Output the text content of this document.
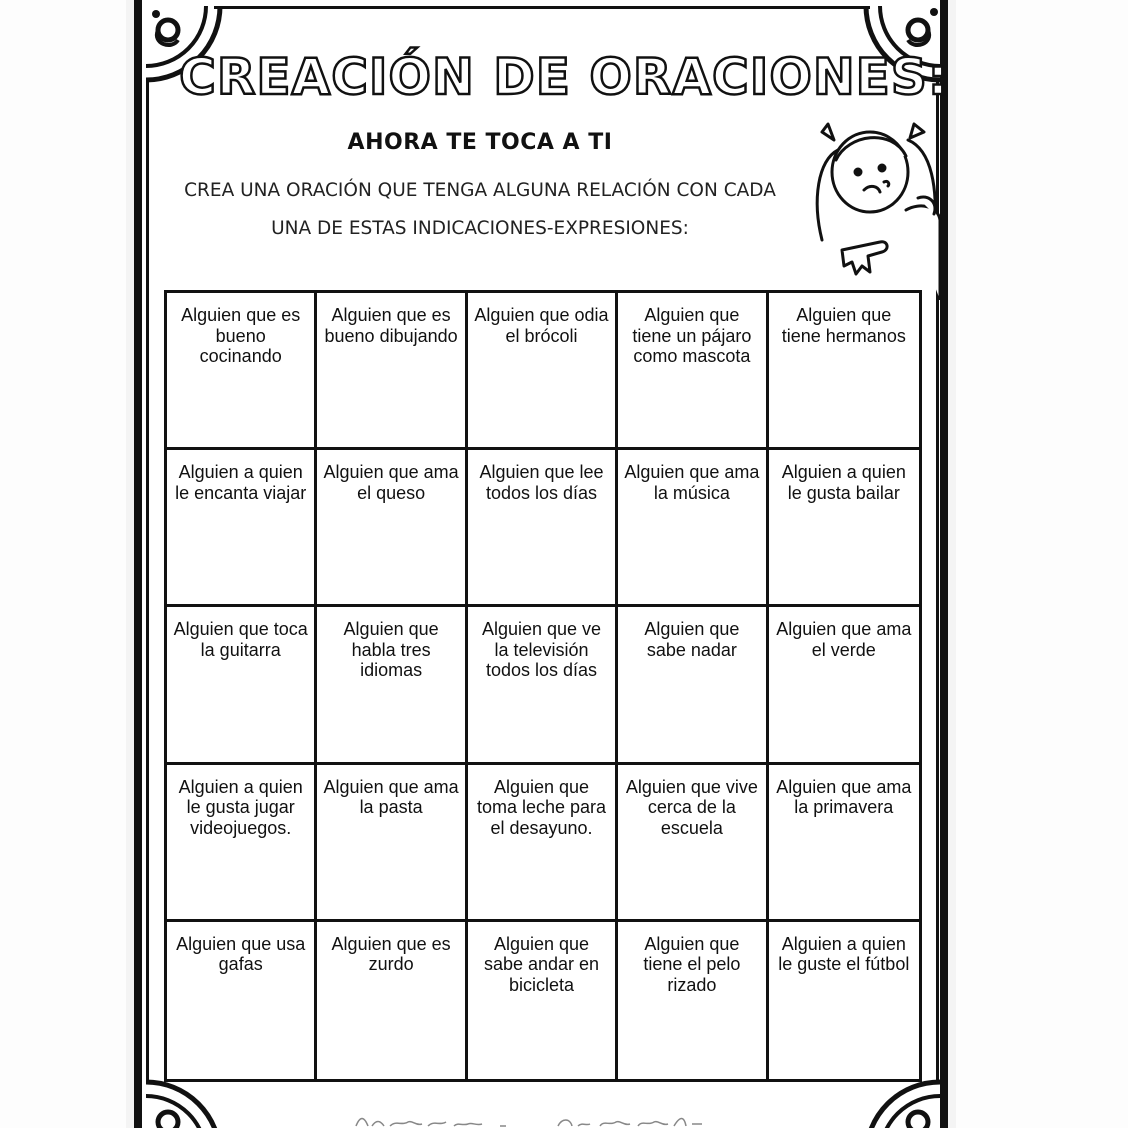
CREACIÓN DE ORACIONES:
AHORA TE TOCA A TI
CREA UNA ORACIÓN QUE TENGA ALGUNA RELACIÓN CON CADA
UNA DE ESTAS INDICACIONES-EXPRESIONES:
Alguien que es bueno cocinando
Alguien que es bueno dibujando
Alguien que odia el brócoli
Alguien que tiene un pájaro como mascota
Alguien que tiene hermanos
Alguien a quien le encanta viajar
Alguien que ama el queso
Alguien que lee todos los días
Alguien que ama la música
Alguien a quien le gusta bailar
Alguien que toca la guitarra
Alguien que habla tres idiomas
Alguien que ve la televisión todos los días
Alguien que sabe nadar
Alguien que ama el verde
Alguien a quien le gusta jugar videojuegos.
Alguien que ama la pasta
Alguien que toma leche para el desayuno.
Alguien que vive cerca de la escuela
Alguien que ama la primavera
Alguien que usa gafas
Alguien que es zurdo
Alguien que sabe andar en bicicleta
Alguien que tiene el pelo rizado
Alguien a quien le guste el fútbol
